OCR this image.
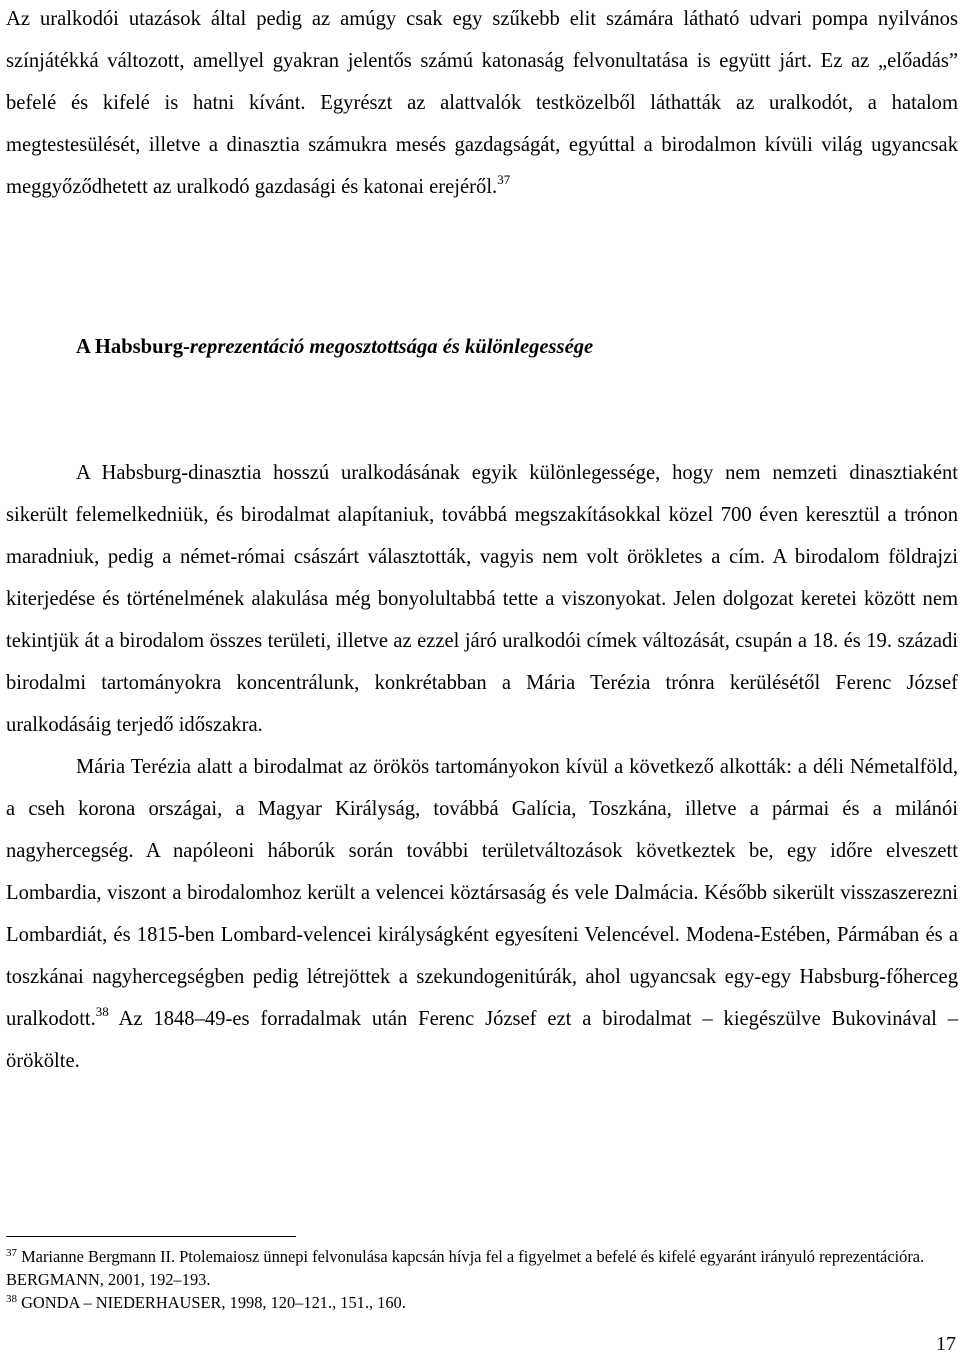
Az uralkodói utazások által pedig az amúgy csak egy szűkebb elit számára látható udvari pompa nyilvános színjátékká változott, amellyel gyakran jelentős számú katonaság felvonultatása is együtt járt. Ez az „előadás” befelé és kifelé is hatni kívánt. Egyrészt az alattvalók testközelből láthatták az uralkodót, a hatalom megtestesülését, illetve a dinasztia számukra mesés gazdagságát, egyúttal a birodalmon kívüli világ ugyancsak meggyőződhetett az uralkodó gazdasági és katonai erejéről.$^{37}$

A Habsburg-reprezentáció megosztottsága és különlegessége

A Habsburg-dinasztia hosszú uralkodásának egyik különlegessége, hogy nem nemzeti dinasztiaként sikerült felemelkedniük, és birodalmat alapítaniuk, továbbá megszakításokkal közel 700 éven keresztül a trónon maradniuk, pedig a német-római császárt választották, vagyis nem volt örökletes a cím. A birodalom földrajzi kiterjedése és történelmének alakulása még bonyolultabbá tette a viszonyokat. Jelen dolgozat keretei között nem tekintjük át a birodalom összes területi, illetve az ezzel járó uralkodói címek változását, csupán a 18. és 19. századi birodalmi tartományokra koncentrálunk, konkrétabban a Mária Terézia trónra kerülésétől Ferenc József uralkodásáig terjedő időszakra.

Mária Terézia alatt a birodalmat az örökös tartományokon kívül a következő alkották: a déli Németalföld, a cseh korona országai, a Magyar Királyság, továbbá Galícia, Toszkána, illetve a pármai és a milánói nagyhercegség. A napóleoni háborúk során további területváltozások következtek be, egy időre elveszett Lombardia, viszont a birodalomhoz került a velencei köztársaság és vele Dalmácia. Később sikerült visszaszerezni Lombardiát, és 1815-ben Lombard-velencei királyságként egyesíteni Velencével. Modena-Estében, Pármában és a toszkánai nagyhercegségben pedig létrejöttek a szekundogenitúrák, ahol ugyancsak egy-egy Habsburg-főherceg uralkodott.$^{38}$ Az 1848–49-es forradalmak után Ferenc József ezt a birodalmat – kiegészülve Bukovinával – örökölte.

$^{37}$ Marianne Bergmann II. Ptolemaiosz ünnepi felvonulása kapcsán hívja fel a figyelmet a befelé és kifelé egyaránt irányuló reprezentációra. BERGMANN, 2001, 192–193.

$^{38}$ GONDA – NIEDERHAUSER, 1998, 120–121., 151., 160.

17
